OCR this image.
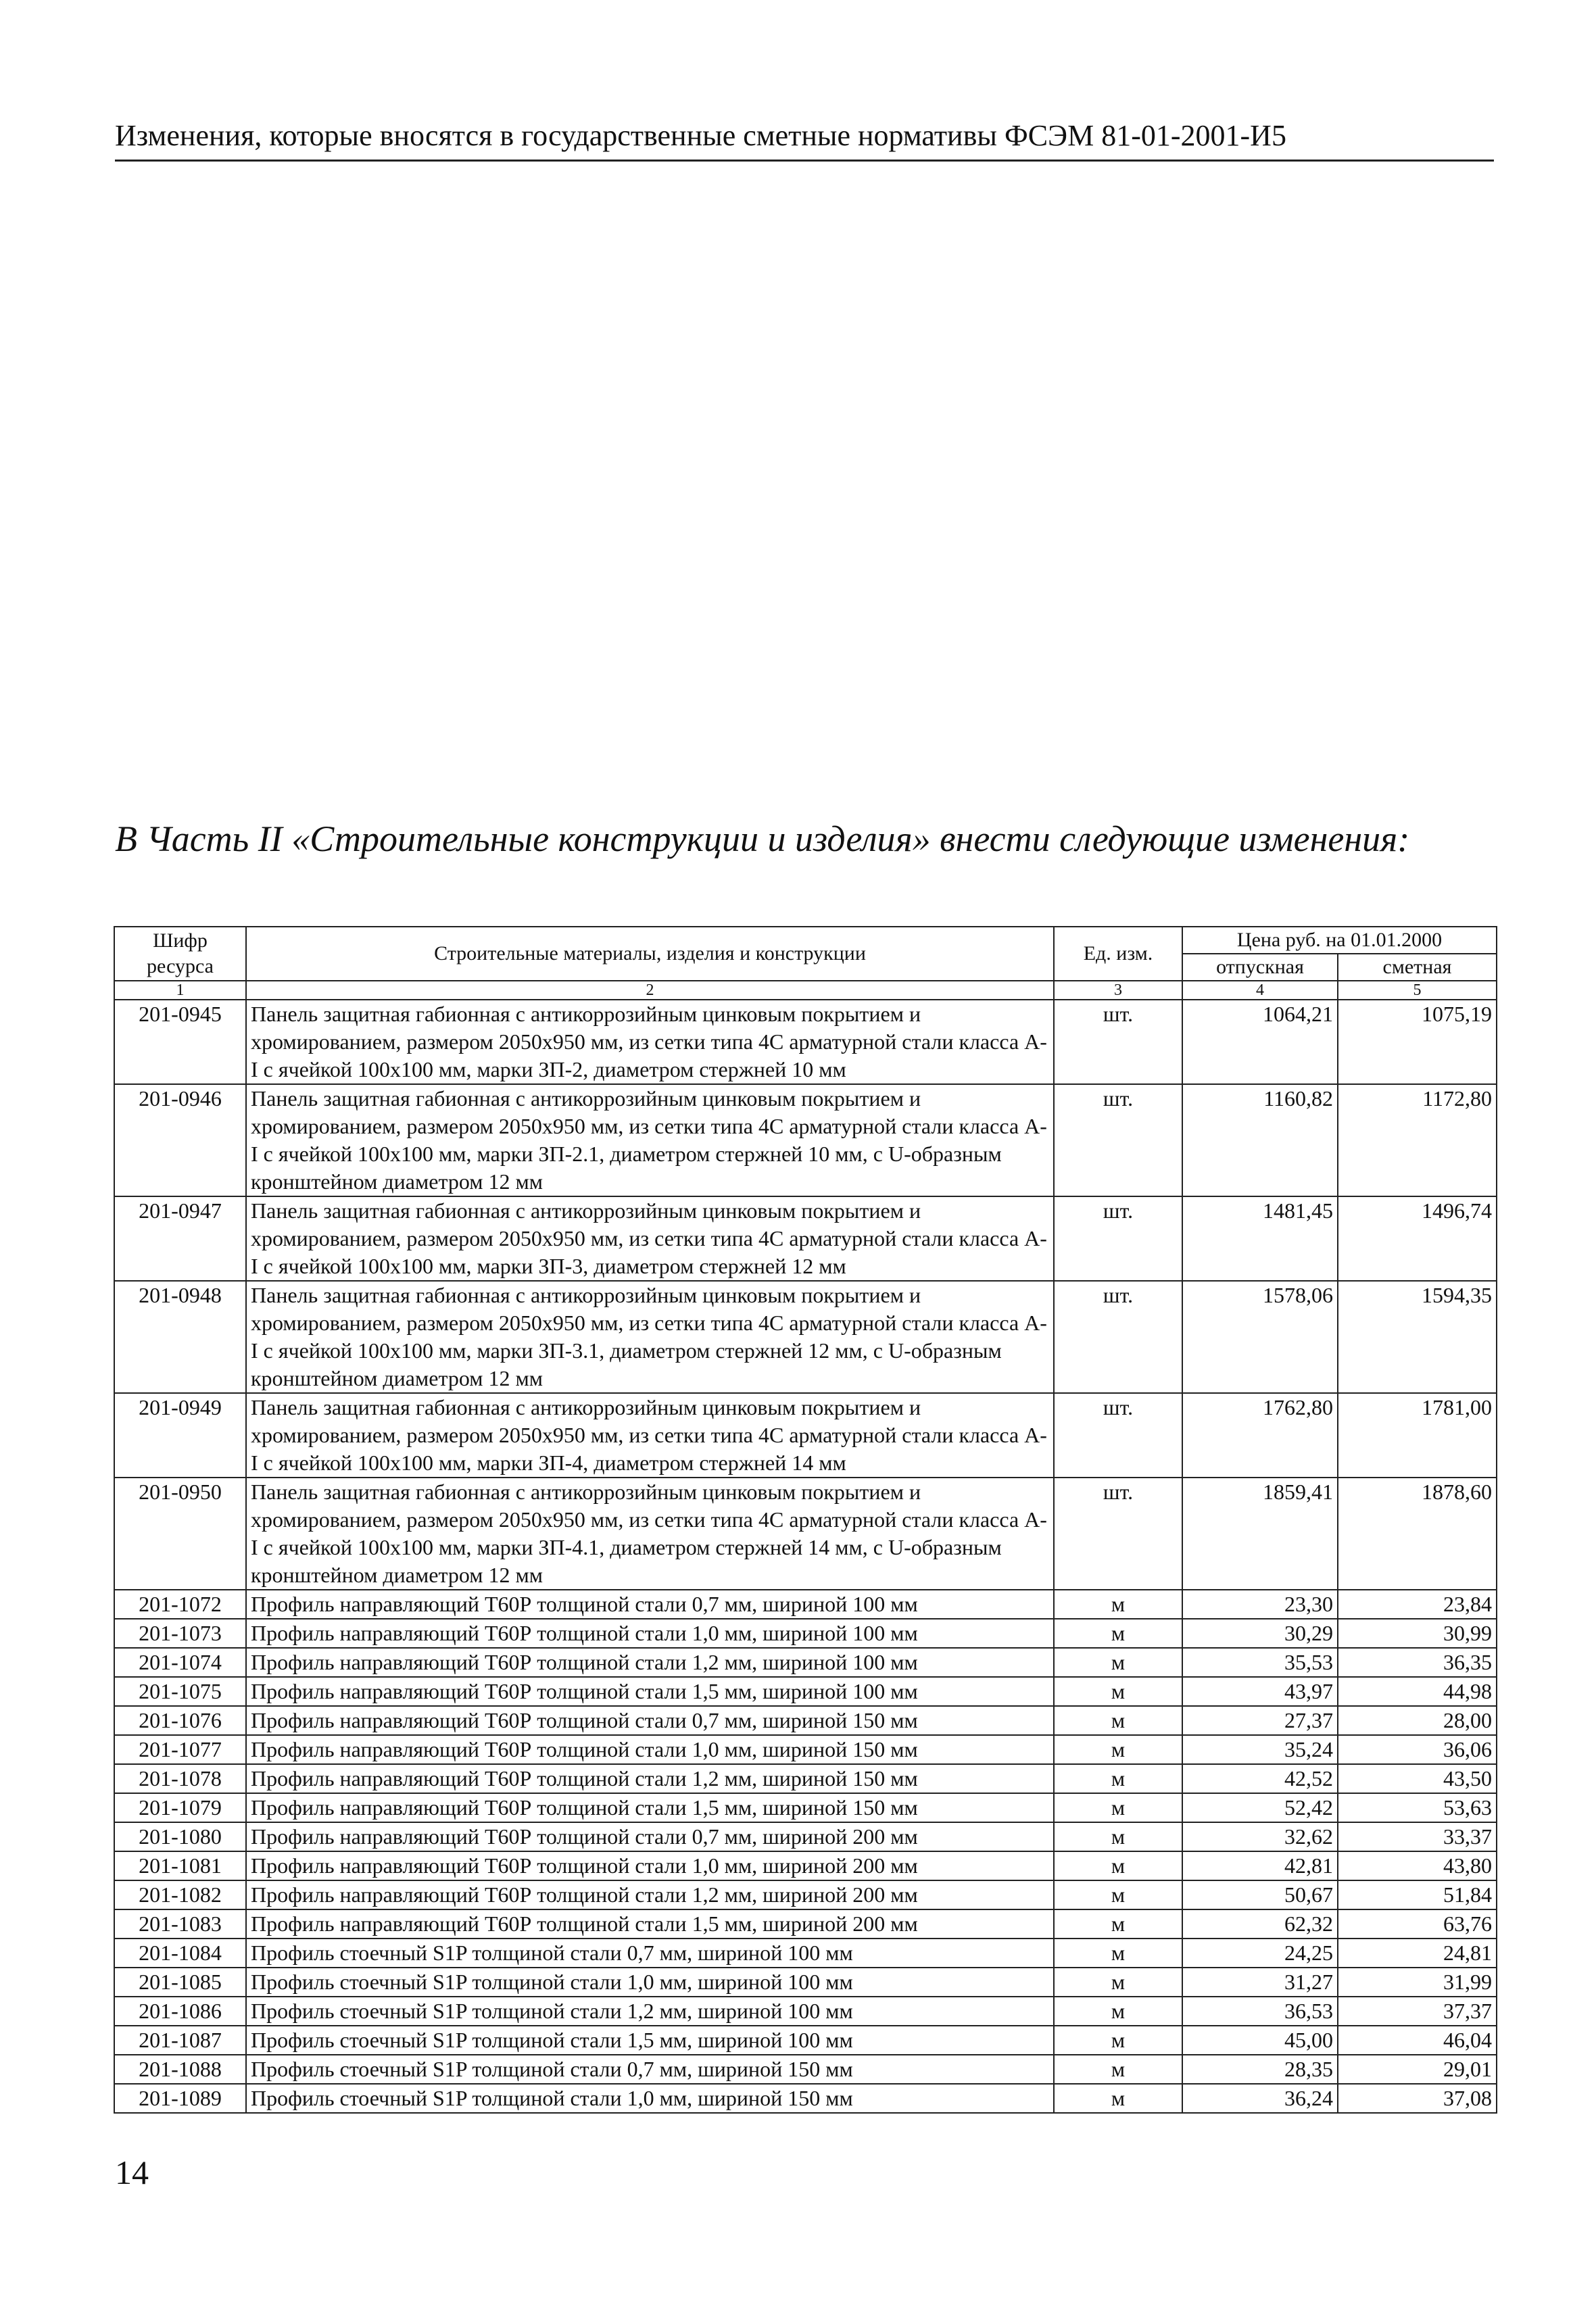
Изменения, которые вносятся в государственные сметные нормативы ФСЭМ 81-01-2001-И5
В Часть II «Строительные конструкции и изделия» внести следующие изменения:
Шифр ресурса	Строительные материалы, изделия и конструкции	Ед. изм.	Цена руб. на 01.01.2000	
			отпускная	сметная
1	2	3	4	5
201-0945	Панель защитная габионная с антикоррозийным цинковым покрытием и хромированием, размером 2050x950 мм, из сетки типа 4С арматурной стали класса А-I с ячейкой 100x100 мм, марки ЗП-2, диаметром стержней 10 мм	шт.	1064,21	1075,19
201-0946	Панель защитная габионная с антикоррозийным цинковым покрытием и хромированием, размером 2050x950 мм, из сетки типа 4С арматурной стали класса А-I с ячейкой 100x100 мм, марки ЗП-2.1, диаметром стержней 10 мм, с U-образным кронштейном диаметром 12 мм	шт.	1160,82	1172,80
201-0947	Панель защитная габионная с антикоррозийным цинковым покрытием и хромированием, размером 2050x950 мм, из сетки типа 4С арматурной стали класса А-I с ячейкой 100x100 мм, марки ЗП-3, диаметром стержней 12 мм	шт.	1481,45	1496,74
201-0948	Панель защитная габионная с антикоррозийным цинковым покрытием и хромированием, размером 2050x950 мм, из сетки типа 4С арматурной стали класса А-I с ячейкой 100x100 мм, марки ЗП-3.1, диаметром стержней 12 мм, с U-образным кронштейном диаметром 12 мм	шт.	1578,06	1594,35
201-0949	Панель защитная габионная с антикоррозийным цинковым покрытием и хромированием, размером 2050x950 мм, из сетки типа 4С арматурной стали класса А-I с ячейкой 100x100 мм, марки ЗП-4, диаметром стержней 14 мм	шт.	1762,80	1781,00
201-0950	Панель защитная габионная с антикоррозийным цинковым покрытием и хромированием, размером 2050x950 мм, из сетки типа 4С арматурной стали класса А-I с ячейкой 100x100 мм, марки ЗП-4.1, диаметром стержней 14 мм, с U-образным кронштейном диаметром 12 мм	шт.	1859,41	1878,60
201-1072	Профиль направляющий Т60Р толщиной стали 0,7 мм, шириной 100 мм	м	23,30	23,84
201-1073	Профиль направляющий Т60Р толщиной стали 1,0 мм, шириной 100 мм	м	30,29	30,99
201-1074	Профиль направляющий Т60Р толщиной стали 1,2 мм, шириной 100 мм	м	35,53	36,35
201-1075	Профиль направляющий Т60Р толщиной стали 1,5 мм, шириной 100 мм	м	43,97	44,98
201-1076	Профиль направляющий Т60Р толщиной стали 0,7 мм, шириной 150 мм	м	27,37	28,00
201-1077	Профиль направляющий Т60Р толщиной стали 1,0 мм, шириной 150 мм	м	35,24	36,06
201-1078	Профиль направляющий Т60Р толщиной стали 1,2 мм, шириной 150 мм	м	42,52	43,50
201-1079	Профиль направляющий Т60Р толщиной стали 1,5 мм, шириной 150 мм	м	52,42	53,63
201-1080	Профиль направляющий Т60Р толщиной стали 0,7 мм, шириной 200 мм	м	32,62	33,37
201-1081	Профиль направляющий Т60Р толщиной стали 1,0 мм, шириной 200 мм	м	42,81	43,80
201-1082	Профиль направляющий Т60Р толщиной стали 1,2 мм, шириной 200 мм	м	50,67	51,84
201-1083	Профиль направляющий Т60Р толщиной стали 1,5 мм, шириной 200 мм	м	62,32	63,76
201-1084	Профиль стоечный S1P толщиной стали 0,7 мм, шириной 100 мм	м	24,25	24,81
201-1085	Профиль стоечный S1P толщиной стали 1,0 мм, шириной 100 мм	м	31,27	31,99
201-1086	Профиль стоечный S1P толщиной стали 1,2 мм, шириной 100 мм	м	36,53	37,37
201-1087	Профиль стоечный S1P толщиной стали 1,5 мм, шириной 100 мм	м	45,00	46,04
201-1088	Профиль стоечный S1P толщиной стали 0,7 мм, шириной 150 мм	м	28,35	29,01
201-1089	Профиль стоечный S1P толщиной стали 1,0 мм, шириной 150 мм	м	36,24	37,08
14
